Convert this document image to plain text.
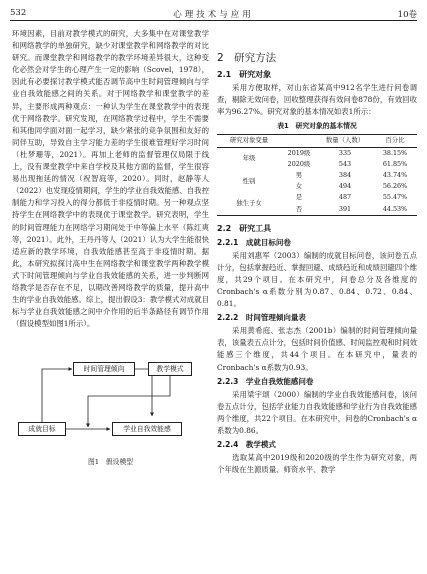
532	心理技术与应用	10卷

环境因素，目前对教学模式的研究，大多集中在对课堂教学和网络教学的单独研究，缺少对课堂教学和网络教学的对比研究。而课堂教学和网络教学的教学环境差异很大，这种变化必然会对学生的心理产生一定的影响（Scovel，1978），因此有必要探讨教学模式能否调节高中生时间管理倾向与学业自我效能感之间的关系。对于网络教学和课堂教学的差异，主要形成两种观点：一种认为学生在课堂教学中的表现优于网络教学。研究发现，在网络教学过程中，学生不需要和其他同学面对面一起学习，缺少紧张的竞争氛围和友好的同伴互助，导致自主学习能力差的学生很难管理好学习时间（杜梦珊等，2021）。再加上老师的监督管理仅局限于线上，没有课堂教学中来自学校及其他方面的监督，学生很容易出现拖延的情况（祝智庭等，2020）。同时，赵静等人（2022）也发现疫情期间，学生的学业自我效能感、自我控制能力和学习投入的得分都低于非疫情时期。另一种观点坚持学生在网络教学中的表现优于课堂教学。研究表明，学生的时间管理能力在网络学习期间处于中等偏上水平（陈红爽等，2021）。此外，王丹丹等人（2021）认为大学生能很快适应新的教学环境，自我效能感甚至高于非疫情时期。据此，本研究拟探讨高中生在网络教学和课堂教学两种教学模式下时间管理倾向与学业自我效能感的关系，进一步判断网络教学是否存在不足，以期改善网络教学的质量，提升高中生的学业自我效能感。综上，提出假设3：教学模式对成就目标与学业自我效能感之间中介作用的后半条路径有调节作用（假设模型如图1所示）。

时间管理倾向	教学模式
成就目标	学业自我效能感
图1　假设模型
2　研究方法
2.1　研究对象

采用方便取样，对山东省某高中912名学生进行问卷调查，剔除无效问卷，回收整理获得有效问卷878份，有效回收率为96.27%。研究对象的基本情况如表1所示：

表1　研究对象的基本情况
研究对象变量		数量（人数）	百分比
年级	2019级	335	38.15%
	2020级	543	61.85%
性别	男	384	43.74%
	女	494	56.26%
独生子女	是	487	55.47%
	否	391	44.53%
2.2　研究工具
2.2.1　成就目标问卷

采用刘惠军（2003）编制的成就目标问卷，该问卷五点计分，包括掌握趋近、掌握回避、成绩趋近和成绩回避四个维度，共29个项目。在本研究中，问卷总分及各维度的Cronbach's α系数分别为0.87、0.84、0.72、0.84、0.81。

2.2.2　时间管理倾向量表

采用黄希庭、张志杰（2001b）编制的时间管理倾向量表，该量表五点计分，包括时间价值感、时间监控观和时间效能感三个维度，共44个项目。在本研究中，量表的Cronbach's α系数为0.93。

2.2.3　学业自我效能感问卷

采用梁宇颂（2000）编制的学业自我效能感问卷，该问卷五点计分，包括学业能力自我效能感和学业行为自我效能感两个维度，共22个项目。在本研究中，问卷的Cronbach's α系数为0.86。

2.2.4　教学模式

选取某高中2019级和2020级的学生作为研究对象，两个年级在生源质量、师资水平、教学
